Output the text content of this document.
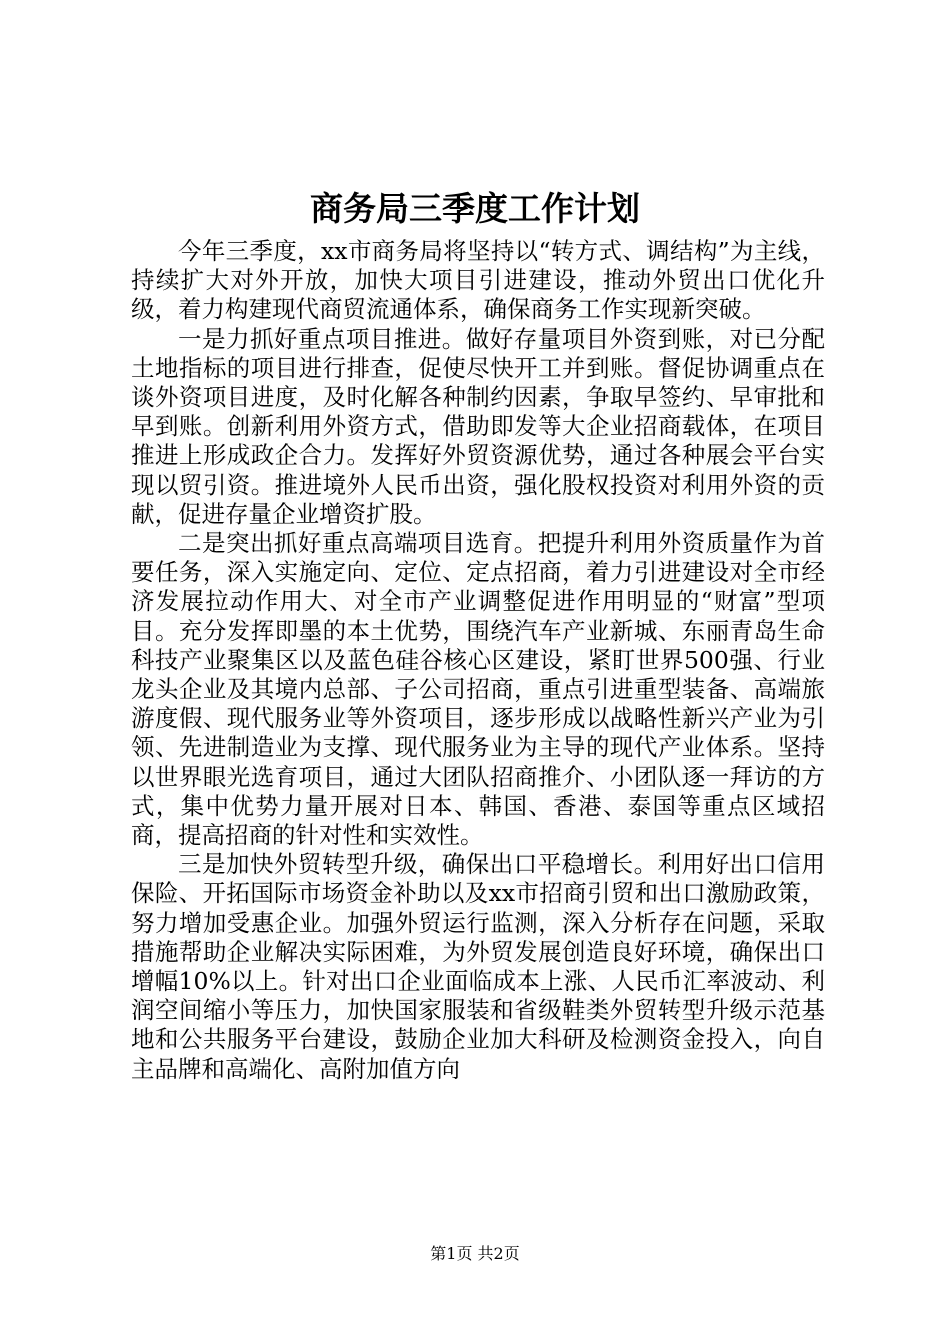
商务局三季度工作计划

今年三季度，xx市商务局将坚持以“转方式、调结构”为主线，持续扩大对外开放，加快大项目引进建设，推动外贸出口优化升级，着力构建现代商贸流通体系，确保商务工作实现新突破。

一是力抓好重点项目推进。做好存量项目外资到账，对已分配土地指标的项目进行排查，促使尽快开工并到账。督促协调重点在谈外资项目进度，及时化解各种制约因素，争取早签约、早审批和早到账。创新利用外资方式，借助即发等大企业招商载体，在项目推进上形成政企合力。发挥好外贸资源优势，通过各种展会平台实现以贸引资。推进境外人民币出资，强化股权投资对利用外资的贡献，促进存量企业增资扩股。

二是突出抓好重点高端项目选育。把提升利用外资质量作为首要任务，深入实施定向、定位、定点招商，着力引进建设对全市经济发展拉动作用大、对全市产业调整促进作用明显的“财富”型项目。充分发挥即墨的本土优势，围绕汽车产业新城、东丽青岛生命科技产业聚集区以及蓝色硅谷核心区建设，紧盯世界500强、行业龙头企业及其境内总部、子公司招商，重点引进重型装备、高端旅游度假、现代服务业等外资项目，逐步形成以战略性新兴产业为引领、先进制造业为支撑、现代服务业为主导的现代产业体系。坚持以世界眼光选育项目，通过大团队招商推介、小团队逐一拜访的方式，集中优势力量开展对日本、韩国、香港、泰国等重点区域招商，提高招商的针对性和实效性。

三是加快外贸转型升级，确保出口平稳增长。利用好出口信用保险、开拓国际市场资金补助以及xx市招商引贸和出口激励政策，努力增加受惠企业。加强外贸运行监测，深入分析存在问题，采取措施帮助企业解决实际困难，为外贸发展创造良好环境，确保出口增幅10%以上。针对出口企业面临成本上涨、人民币汇率波动、利润空间缩小等压力，加快国家服装和省级鞋类外贸转型升级示范基地和公共服务平台建设，鼓励企业加大科研及检测资金投入，向自主品牌和高端化、高附加值方向

第1页 共2页
